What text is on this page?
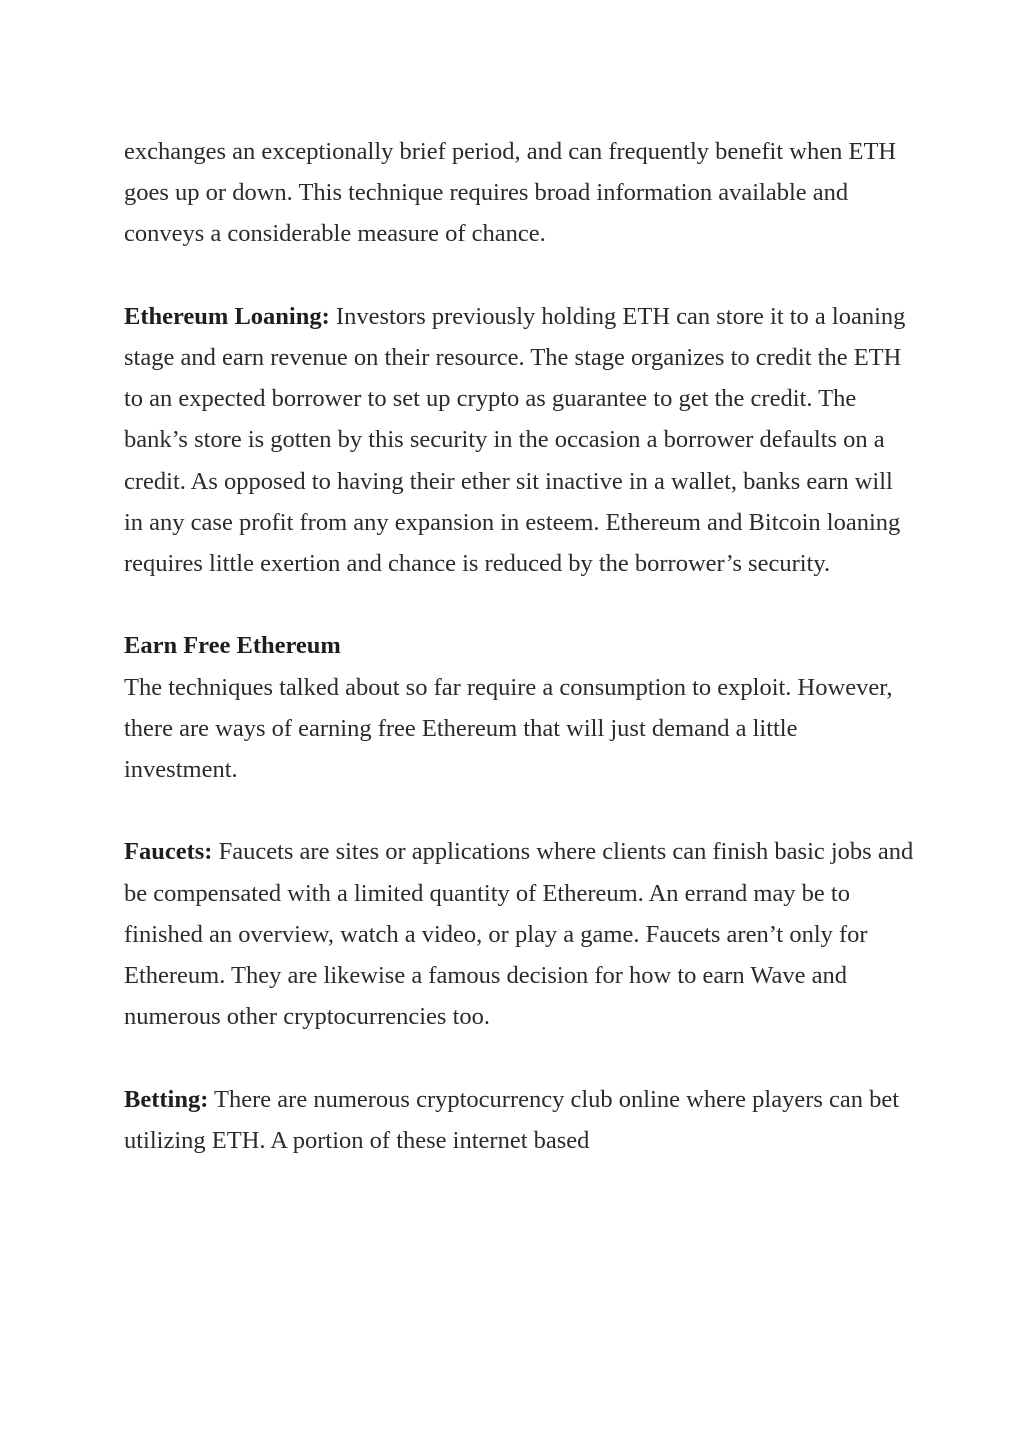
exchanges an exceptionally brief period, and can frequently benefit when ETH goes up or down. This technique requires broad information available and conveys a considerable measure of chance.

Ethereum Loaning: Investors previously holding ETH can store it to a loaning stage and earn revenue on their resource. The stage organizes to credit the ETH to an expected borrower to set up crypto as guarantee to get the credit. The bank’s store is gotten by this security in the occasion a borrower defaults on a credit. As opposed to having their ether sit inactive in a wallet, banks earn will in any case profit from any expansion in esteem. Ethereum and Bitcoin loaning requires little exertion and chance is reduced by the borrower’s security.

Earn Free Ethereum

The techniques talked about so far require a consumption to exploit. However, there are ways of earning free Ethereum that will just demand a little investment.

Faucets: Faucets are sites or applications where clients can finish basic jobs and be compensated with a limited quantity of Ethereum. An errand may be to finished an overview, watch a video, or play a game. Faucets aren’t only for Ethereum. They are likewise a famous decision for how to earn Wave and numerous other cryptocurrencies too.

Betting: There are numerous cryptocurrency club online where players can bet utilizing ETH. A portion of these internet based
